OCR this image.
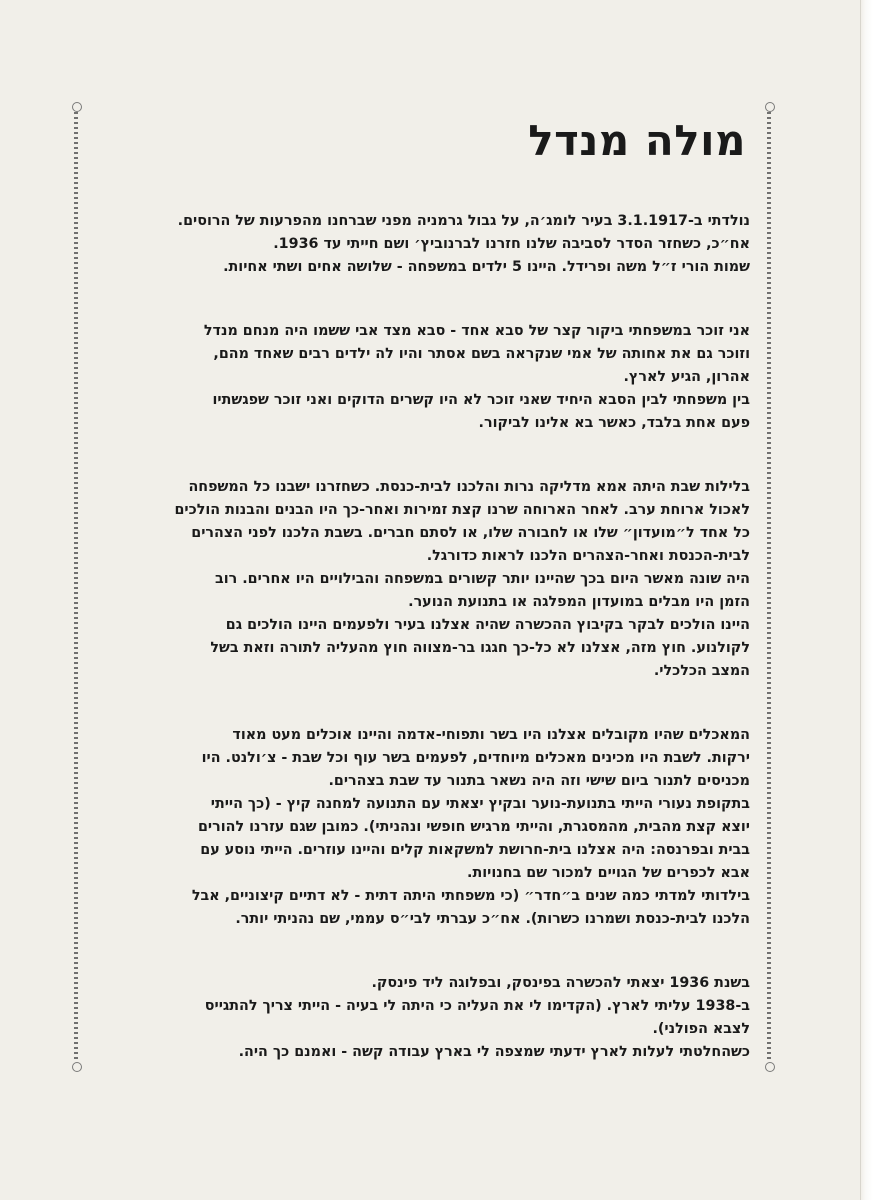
מולה מנדל
נולדתי ב-3.1.1917 בעיר לומג׳ה, על גבול גרמניה מפני שברחנו מהפרעות של הרוסים.
אח״כ, כשחזר הסדר לסביבה שלנו חזרנו לברנוביץ׳ ושם חייתי עד 1936.
שמות הורי ז״ל משה ופרידל. היינו 5 ילדים במשפחה - שלושה אחים ושתי אחיות.
אני זוכר במשפחתי ביקור קצר של סבא אחד - סבא מצד אבי ששמו היה מנחם מנדל
וזוכר גם את אחותה של אמי שנקראה בשם אסתר והיו לה ילדים רבים שאחד מהם,
אהרון, הגיע לארץ.
בין משפחתי לבין הסבא היחיד שאני זוכר לא היו קשרים הדוקים ואני זוכר שפגשתיו
פעם אחת בלבד, כאשר בא אלינו לביקור.
בלילות שבת היתה אמא מדליקה נרות והלכנו לבית-כנסת. כשחזרנו ישבנו כל המשפחה
לאכול ארוחת ערב. לאחר הארוחה שרנו קצת זמירות ואחר-כך היו הבנים והבנות הולכים
כל אחד ל״מועדון״ שלו או לחבורה שלו, או לסתם חברים. בשבת הלכנו לפני הצהרים
לבית-הכנסת ואחר-הצהרים הלכנו לראות כדורגל.
היה שונה מאשר היום בכך שהיינו יותר קשורים במשפחה והבילויים היו אחרים. רוב
הזמן היו מבלים במועדון המפלגה או בתנועת הנוער.
היינו הולכים לבקר בקיבוץ ההכשרה שהיה אצלנו בעיר ולפעמים היינו הולכים גם
לקולנוע. חוץ מזה, אצלנו לא כל-כך חגגו בר-מצווה חוץ מהעליה לתורה וזאת בשל
המצב הכלכלי.
המאכלים שהיו מקובלים אצלנו היו בשר ותפוחי-אדמה והיינו אוכלים מעט מאוד
ירקות. לשבת היו מכינים מאכלים מיוחדים, לפעמים בשר עוף וכל שבת - צ׳ולנט. היו
מכניסים לתנור ביום שישי וזה היה נשאר בתנור עד שבת בצהרים.
בתקופת נעורי הייתי בתנועת-נוער ובקיץ יצאתי עם התנועה למחנה קיץ - (כך הייתי
יוצא קצת מהבית, מהמסגרת, והייתי מרגיש חופשי ונהניתי). כמובן שגם עזרנו להורים
בבית ובפרנסה: היה אצלנו בית-חרושת למשקאות קלים והיינו עוזרים. הייתי נוסע עם
אבא לכפרים של הגויים למכור שם בחנויות.
בילדותי למדתי כמה שנים ב״חדר״ (כי משפחתי היתה דתית - לא דתיים קיצוניים, אבל
הלכנו לבית-כנסת ושמרנו כשרות). אח״כ עברתי לבי״ס עממי, שם נהניתי יותר.
בשנת 1936 יצאתי להכשרה בפינסק, ובפלוגה ליד פינסק.
ב-1938 עליתי לארץ. (הקדימו לי את העליה כי היתה לי בעיה - הייתי צריך להתגייס
לצבא הפולני).
כשהחלטתי לעלות לארץ ידעתי שמצפה לי בארץ עבודה קשה - ואמנם כך היה.
